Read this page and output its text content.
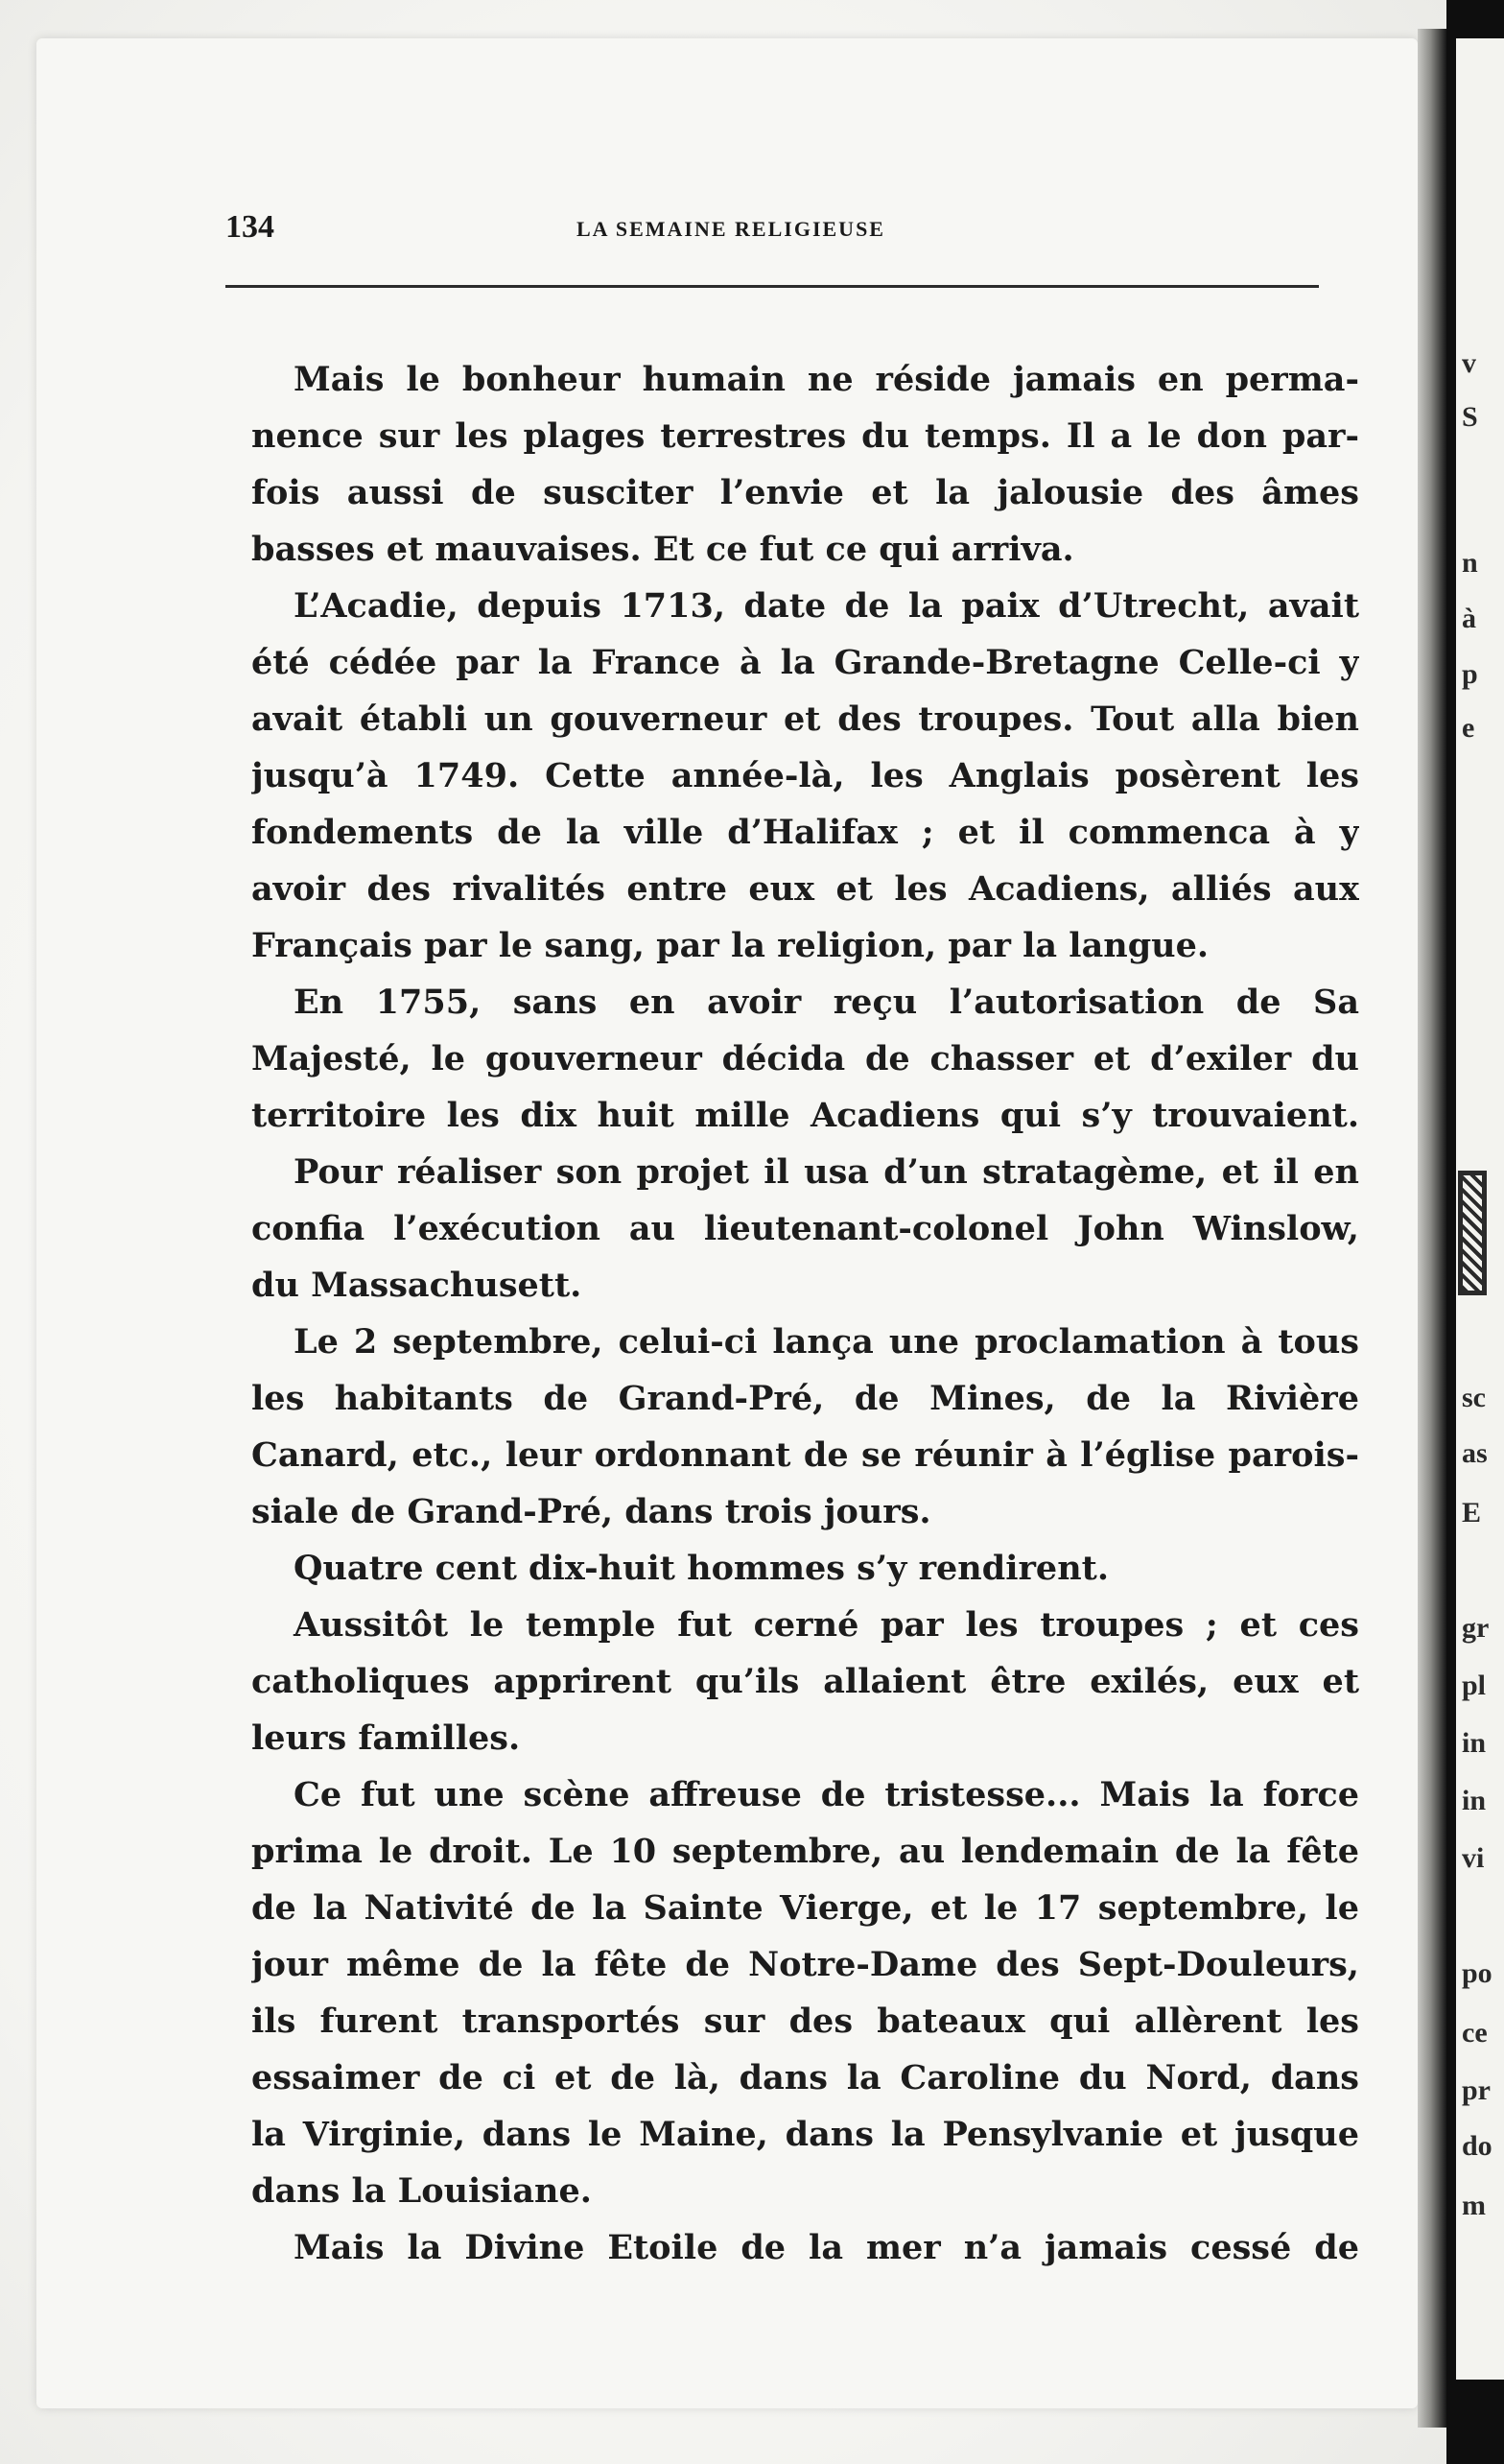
v
S
n
à
p
e
sc
as
E
gr
pl
in
in
vi
po
ce
pr
do
m
134	LA SEMAINE RELIGIEUSE
Mais le bonheur humain ne réside jamais en perma-
nence sur les plages terrestres du temps. Il a le don par-
fois aussi de susciter l’envie et la jalousie des âmes
basses et mauvaises. Et ce fut ce qui arriva.
L’Acadie, depuis 1713, date de la paix d’Utrecht, avait
été cédée par la France à la Grande-Bretagne Celle-ci y
avait établi un gouverneur et des troupes. Tout alla bien
jusqu’à 1749. Cette année-là, les Anglais posèrent les
fondements de la ville d’Halifax ; et il commenca à y
avoir des rivalités entre eux et les Acadiens, alliés aux
Français par le sang, par la religion, par la langue.
En 1755, sans en avoir reçu l’autorisation de Sa
Majesté, le gouverneur décida de chasser et d’exiler du
territoire les dix huit mille Acadiens qui s’y trouvaient.
Pour réaliser son projet il usa d’un stratagème, et il en
confia l’exécution au lieutenant-colonel John Winslow,
du Massachusett.
Le 2 septembre, celui-ci lança une proclamation à tous
les habitants de Grand-Pré, de Mines, de la Rivière
Canard, etc., leur ordonnant de se réunir à l’église parois-
siale de Grand-Pré, dans trois jours.
Quatre cent dix-huit hommes s’y rendirent.
Aussitôt le temple fut cerné par les troupes ; et ces
catholiques apprirent qu’ils allaient être exilés, eux et
leurs familles.
Ce fut une scène affreuse de tristesse... Mais la force
prima le droit. Le 10 septembre, au lendemain de la fête
de la Nativité de la Sainte Vierge, et le 17 septembre, le
jour même de la fête de Notre-Dame des Sept-Douleurs,
ils furent transportés sur des bateaux qui allèrent les
essaimer de ci et de là, dans la Caroline du Nord, dans
la Virginie, dans le Maine, dans la Pensylvanie et jusque
dans la Louisiane.
Mais la Divine Etoile de la mer n’a jamais cessé de
